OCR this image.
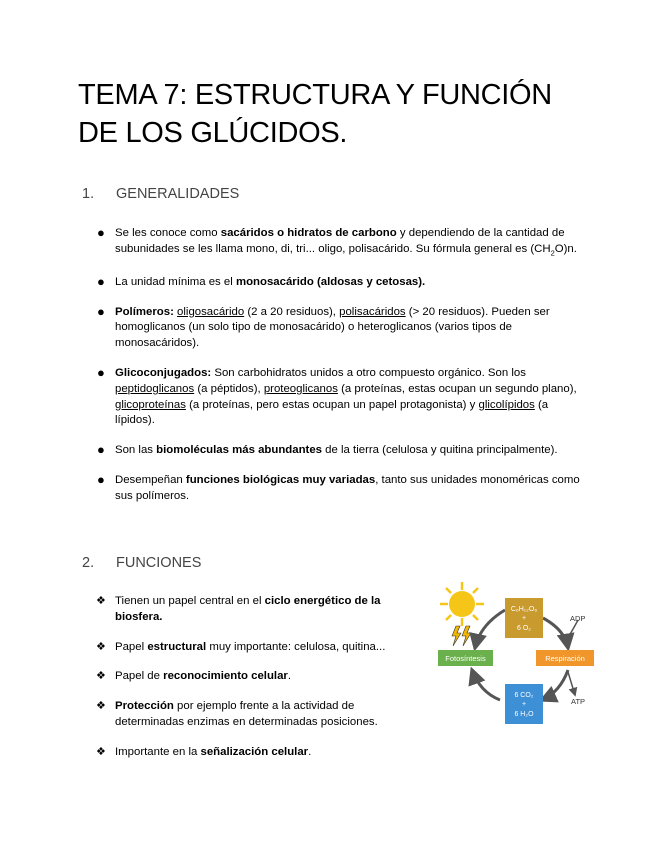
TEMA 7: ESTRUCTURA Y FUNCIÓN DE LOS GLÚCIDOS.
1. GENERALIDADES
● Se les conoce como sacáridos o hidratos de carbono y dependiendo de la cantidad de subunidades se les llama mono, di, tri... oligo, polisacárido. Su fórmula general es $(CH_2O)n$.
● La unidad mínima es el monosacárido (aldosas y cetosas).
● Polímeros: oligosacárido (2 a 20 residuos), polisacáridos (> 20 residuos). Pueden ser homoglicanos (un solo tipo de monosacárido) o heteroglicanos (varios tipos de monosacáridos).
● Glicoconjugados: Son carbohidratos unidos a otro compuesto orgánico. Son los peptidoglicanos (a péptidos), proteoglicanos (a proteínas, estas ocupan un segundo plano), glicoproteínas (a proteínas, pero estas ocupan un papel protagonista) y glicolípidos (a lípidos).
● Son las biomoléculas más abundantes de la tierra (celulosa y quitina principalmente).
● Desempeñan funciones biológicas muy variadas, tanto sus unidades monoméricas como sus polímeros.
2. FUNCIONES
❖ Tienen un papel central en el ciclo energético de la biosfera.
❖ Papel estructural muy importante: celulosa, quitina...
❖ Papel de reconocimiento celular.
❖ Protección por ejemplo frente a la actividad de determinadas enzimas en determinadas posiciones.
❖ Importante en la señalización celular.
C₆H₁₂O₆
+
6 O₂
6 CO₂
+
6 H₂O
Fotosíntesis	Respiración
ADP
ATP
